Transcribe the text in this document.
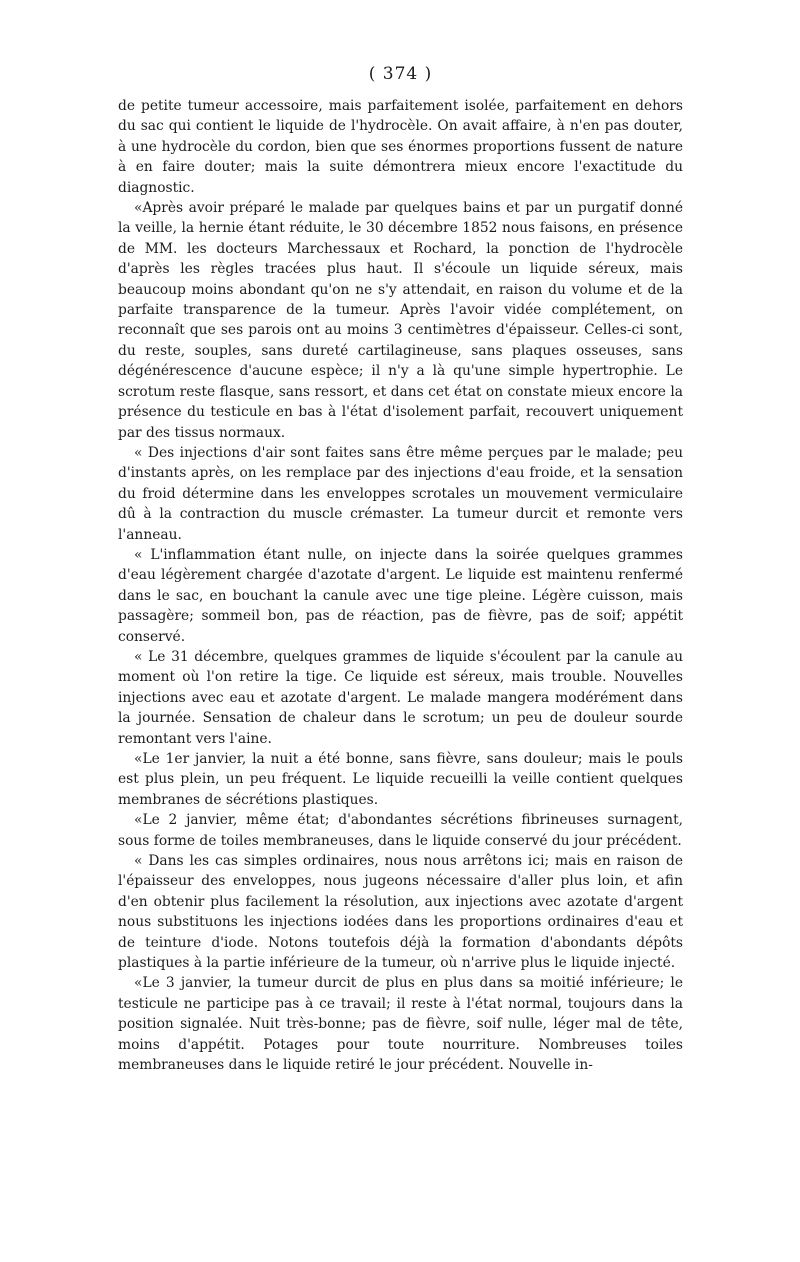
( 374 )

de petite tumeur accessoire, mais parfaitement isolée, parfaitement en dehors du sac qui contient le liquide de l'hydrocèle. On avait affaire, à n'en pas douter, à une hydrocèle du cordon, bien que ses énormes proportions fussent de nature à en faire douter; mais la suite démontrera mieux encore l'exactitude du diagnostic.

«Après avoir préparé le malade par quelques bains et par un purgatif donné la veille, la hernie étant réduite, le 30 décembre 1852 nous faisons, en présence de MM. les docteurs Marchessaux et Rochard, la ponction de l'hydrocèle d'après les règles tracées plus haut. Il s'écoule un liquide séreux, mais beaucoup moins abondant qu'on ne s'y attendait, en raison du volume et de la parfaite transparence de la tumeur. Après l'avoir vidée complétement, on reconnaît que ses parois ont au moins 3 centimètres d'épaisseur. Celles-ci sont, du reste, souples, sans dureté cartilagineuse, sans plaques osseuses, sans dégénérescence d'aucune espèce; il n'y a là qu'une simple hypertrophie. Le scrotum reste flasque, sans ressort, et dans cet état on constate mieux encore la présence du testicule en bas à l'état d'isolement parfait, recouvert uniquement par des tissus normaux.

« Des injections d'air sont faites sans être même perçues par le malade; peu d'instants après, on les remplace par des injections d'eau froide, et la sensation du froid détermine dans les enveloppes scrotales un mouvement vermiculaire dû à la contraction du muscle crémaster. La tumeur durcit et remonte vers l'anneau.

« L'inflammation étant nulle, on injecte dans la soirée quelques grammes d'eau légèrement chargée d'azotate d'argent. Le liquide est maintenu renfermé dans le sac, en bouchant la canule avec une tige pleine. Légère cuisson, mais passagère; sommeil bon, pas de réaction, pas de fièvre, pas de soif; appétit conservé.

« Le 31 décembre, quelques grammes de liquide s'écoulent par la canule au moment où l'on retire la tige. Ce liquide est séreux, mais trouble. Nouvelles injections avec eau et azotate d'argent. Le malade mangera modérément dans la journée. Sensation de chaleur dans le scrotum; un peu de douleur sourde remontant vers l'aine.

«Le 1er janvier, la nuit a été bonne, sans fièvre, sans douleur; mais le pouls est plus plein, un peu fréquent. Le liquide recueilli la veille contient quelques membranes de sécrétions plastiques.

«Le 2 janvier, même état; d'abondantes sécrétions fibrineuses surnagent, sous forme de toiles membraneuses, dans le liquide conservé du jour précédent.

« Dans les cas simples ordinaires, nous nous arrêtons ici; mais en raison de l'épaisseur des enveloppes, nous jugeons nécessaire d'aller plus loin, et afin d'en obtenir plus facilement la résolution, aux injections avec azotate d'argent nous substituons les injections iodées dans les proportions ordinaires d'eau et de teinture d'iode. Notons toutefois déjà la formation d'abondants dépôts plastiques à la partie inférieure de la tumeur, où n'arrive plus le liquide injecté.

«Le 3 janvier, la tumeur durcit de plus en plus dans sa moitié inférieure; le testicule ne participe pas à ce travail; il reste à l'état normal, toujours dans la position signalée. Nuit très-bonne; pas de fièvre, soif nulle, léger mal de tête, moins d'appétit. Potages pour toute nourriture. Nombreuses toiles membraneuses dans le liquide retiré le jour précédent. Nouvelle in-
